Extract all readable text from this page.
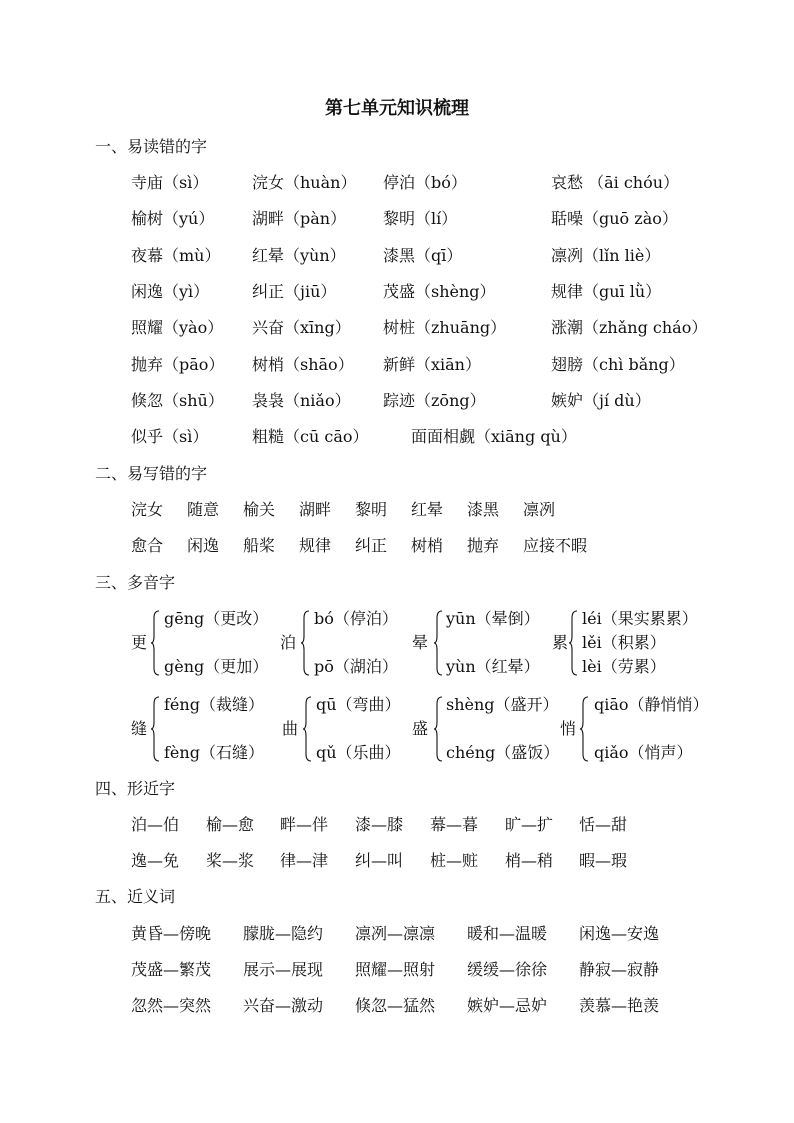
第七单元知识梳理
一、易读错的字
寺庙（sì）	浣女（huàn） 停泊（bó）	哀愁 （āi chóu）
榆树（yú） 湖畔（pàn） 黎明（lí）	聒噪（guō zào）
夜幕（mù） 红晕（yùn） 漆黑（qī）	凛冽（lǐn liè）
闲逸（yì）	纠正（jiū）	茂盛（shèng）	规律（guī lǜ）
照耀（yào） 兴奋（xīng） 树桩（zhuāng）	涨潮（zhǎng cháo）
抛弃（pāo） 树梢（shāo） 新鲜（xiān）	翅膀（chì bǎng）
倏忽（shū） 袅袅（niǎo） 踪迹（zōng）	嫉妒（jí dù）
似乎（sì）	粗糙（cū cāo）	面面相觑（xiāng qù）
二、易写错的字
浣女 随意 榆关 湖畔 黎明 红晕 漆黑 凛冽
愈合 闲逸 船桨 规律 纠正 树梢 抛弃 应接不暇
三、多音字
更
gēng（更改）
gèng（更加）
泊
bó（停泊）
pō（湖泊）
晕
yūn（晕倒）
yùn（红晕）
累
léi（果实累累）
lěi（积累）
lèi（劳累）
缝
féng（裁缝）
fèng（石缝）
曲
qū（弯曲）
qǔ（乐曲）
盛
shèng（盛开）
chéng（盛饭）
悄
qiāo（静悄悄）
qiǎo（悄声）
四、形近字
泊—伯 榆—愈 畔—伴 漆—膝 幕—暮 旷—扩 恬—甜
逸—免 桨—浆 律—津 纠—叫 桩—赃 梢—稍 暇—瑕
五、近义词
黄昏—傍晚 朦胧—隐约 凛冽—凛凛 暖和—温暖 闲逸—安逸
茂盛—繁茂 展示—展现 照耀—照射 缓缓—徐徐 静寂—寂静
忽然—突然 兴奋—激动 倏忽—猛然 嫉妒—忌妒 羡慕—艳羡
